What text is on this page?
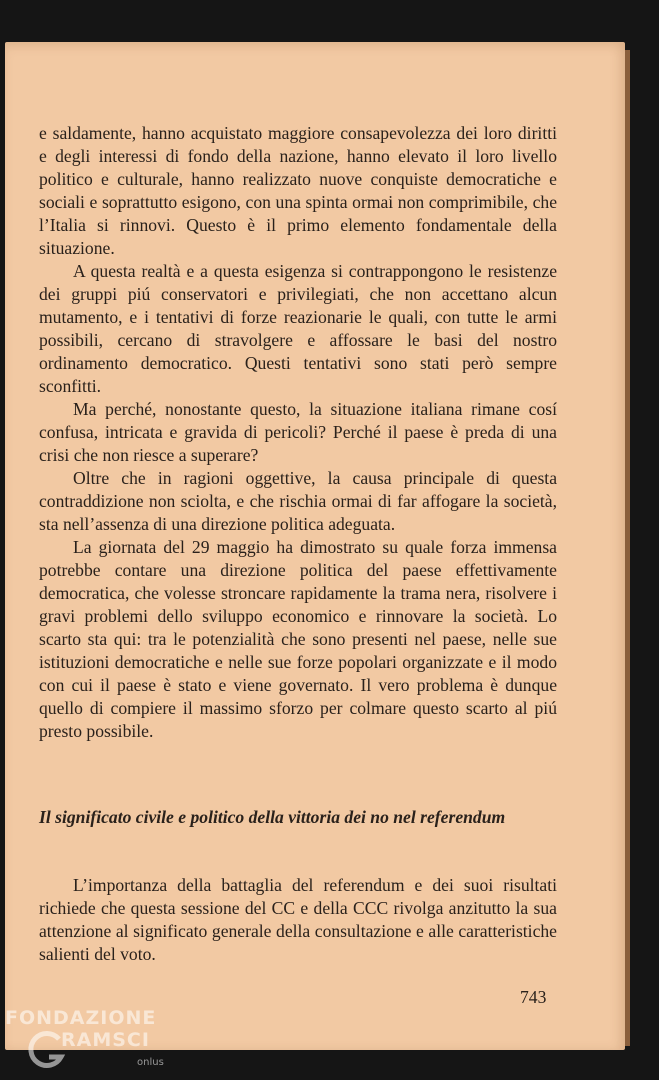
e saldamente, hanno acquistato maggiore consapevolezza dei loro diritti e degli interessi di fondo della nazione, hanno elevato il loro livello politico e culturale, hanno realizzato nuove conquiste democratiche e sociali e soprattutto esigono, con una spinta ormai non comprimibile, che l’Italia si rinnovi. Questo è il primo elemento fondamentale della situazione.

A questa realtà e a questa esigenza si contrappongono le resistenze dei gruppi piú conservatori e privilegiati, che non accettano alcun mutamento, e i tentativi di forze reazionarie le quali, con tutte le armi possibili, cercano di stravolgere e affossare le basi del nostro ordinamento democratico. Questi tentativi sono stati però sempre sconfitti.

Ma perché, nonostante questo, la situazione italiana rimane cosí confusa, intricata e gravida di pericoli? Perché il paese è preda di una crisi che non riesce a superare?

Oltre che in ragioni oggettive, la causa principale di questa contraddizione non sciolta, e che rischia ormai di far affogare la società, sta nell’assenza di una direzione politica adeguata.

La giornata del 29 maggio ha dimostrato su quale forza immensa potrebbe contare una direzione politica del paese effettivamente democratica, che volesse stroncare rapidamente la trama nera, risolvere i gravi problemi dello sviluppo economico e rinnovare la società. Lo scarto sta qui: tra le potenzialità che sono presenti nel paese, nelle sue istituzioni democratiche e nelle sue forze popolari organizzate e il modo con cui il paese è stato e viene governato. Il vero problema è dunque quello di compiere il massimo sforzo per colmare questo scarto al piú presto possibile.

Il significato civile e politico della vittoria dei no nel referendum

L’importanza della battaglia del referendum e dei suoi risultati richiede che questa sessione del CC e della CCC rivolga anzitutto la sua attenzione al significato generale della consultazione e alle caratteristiche salienti del voto.

743
FONDAZIONE
RAMSCI
onlus
